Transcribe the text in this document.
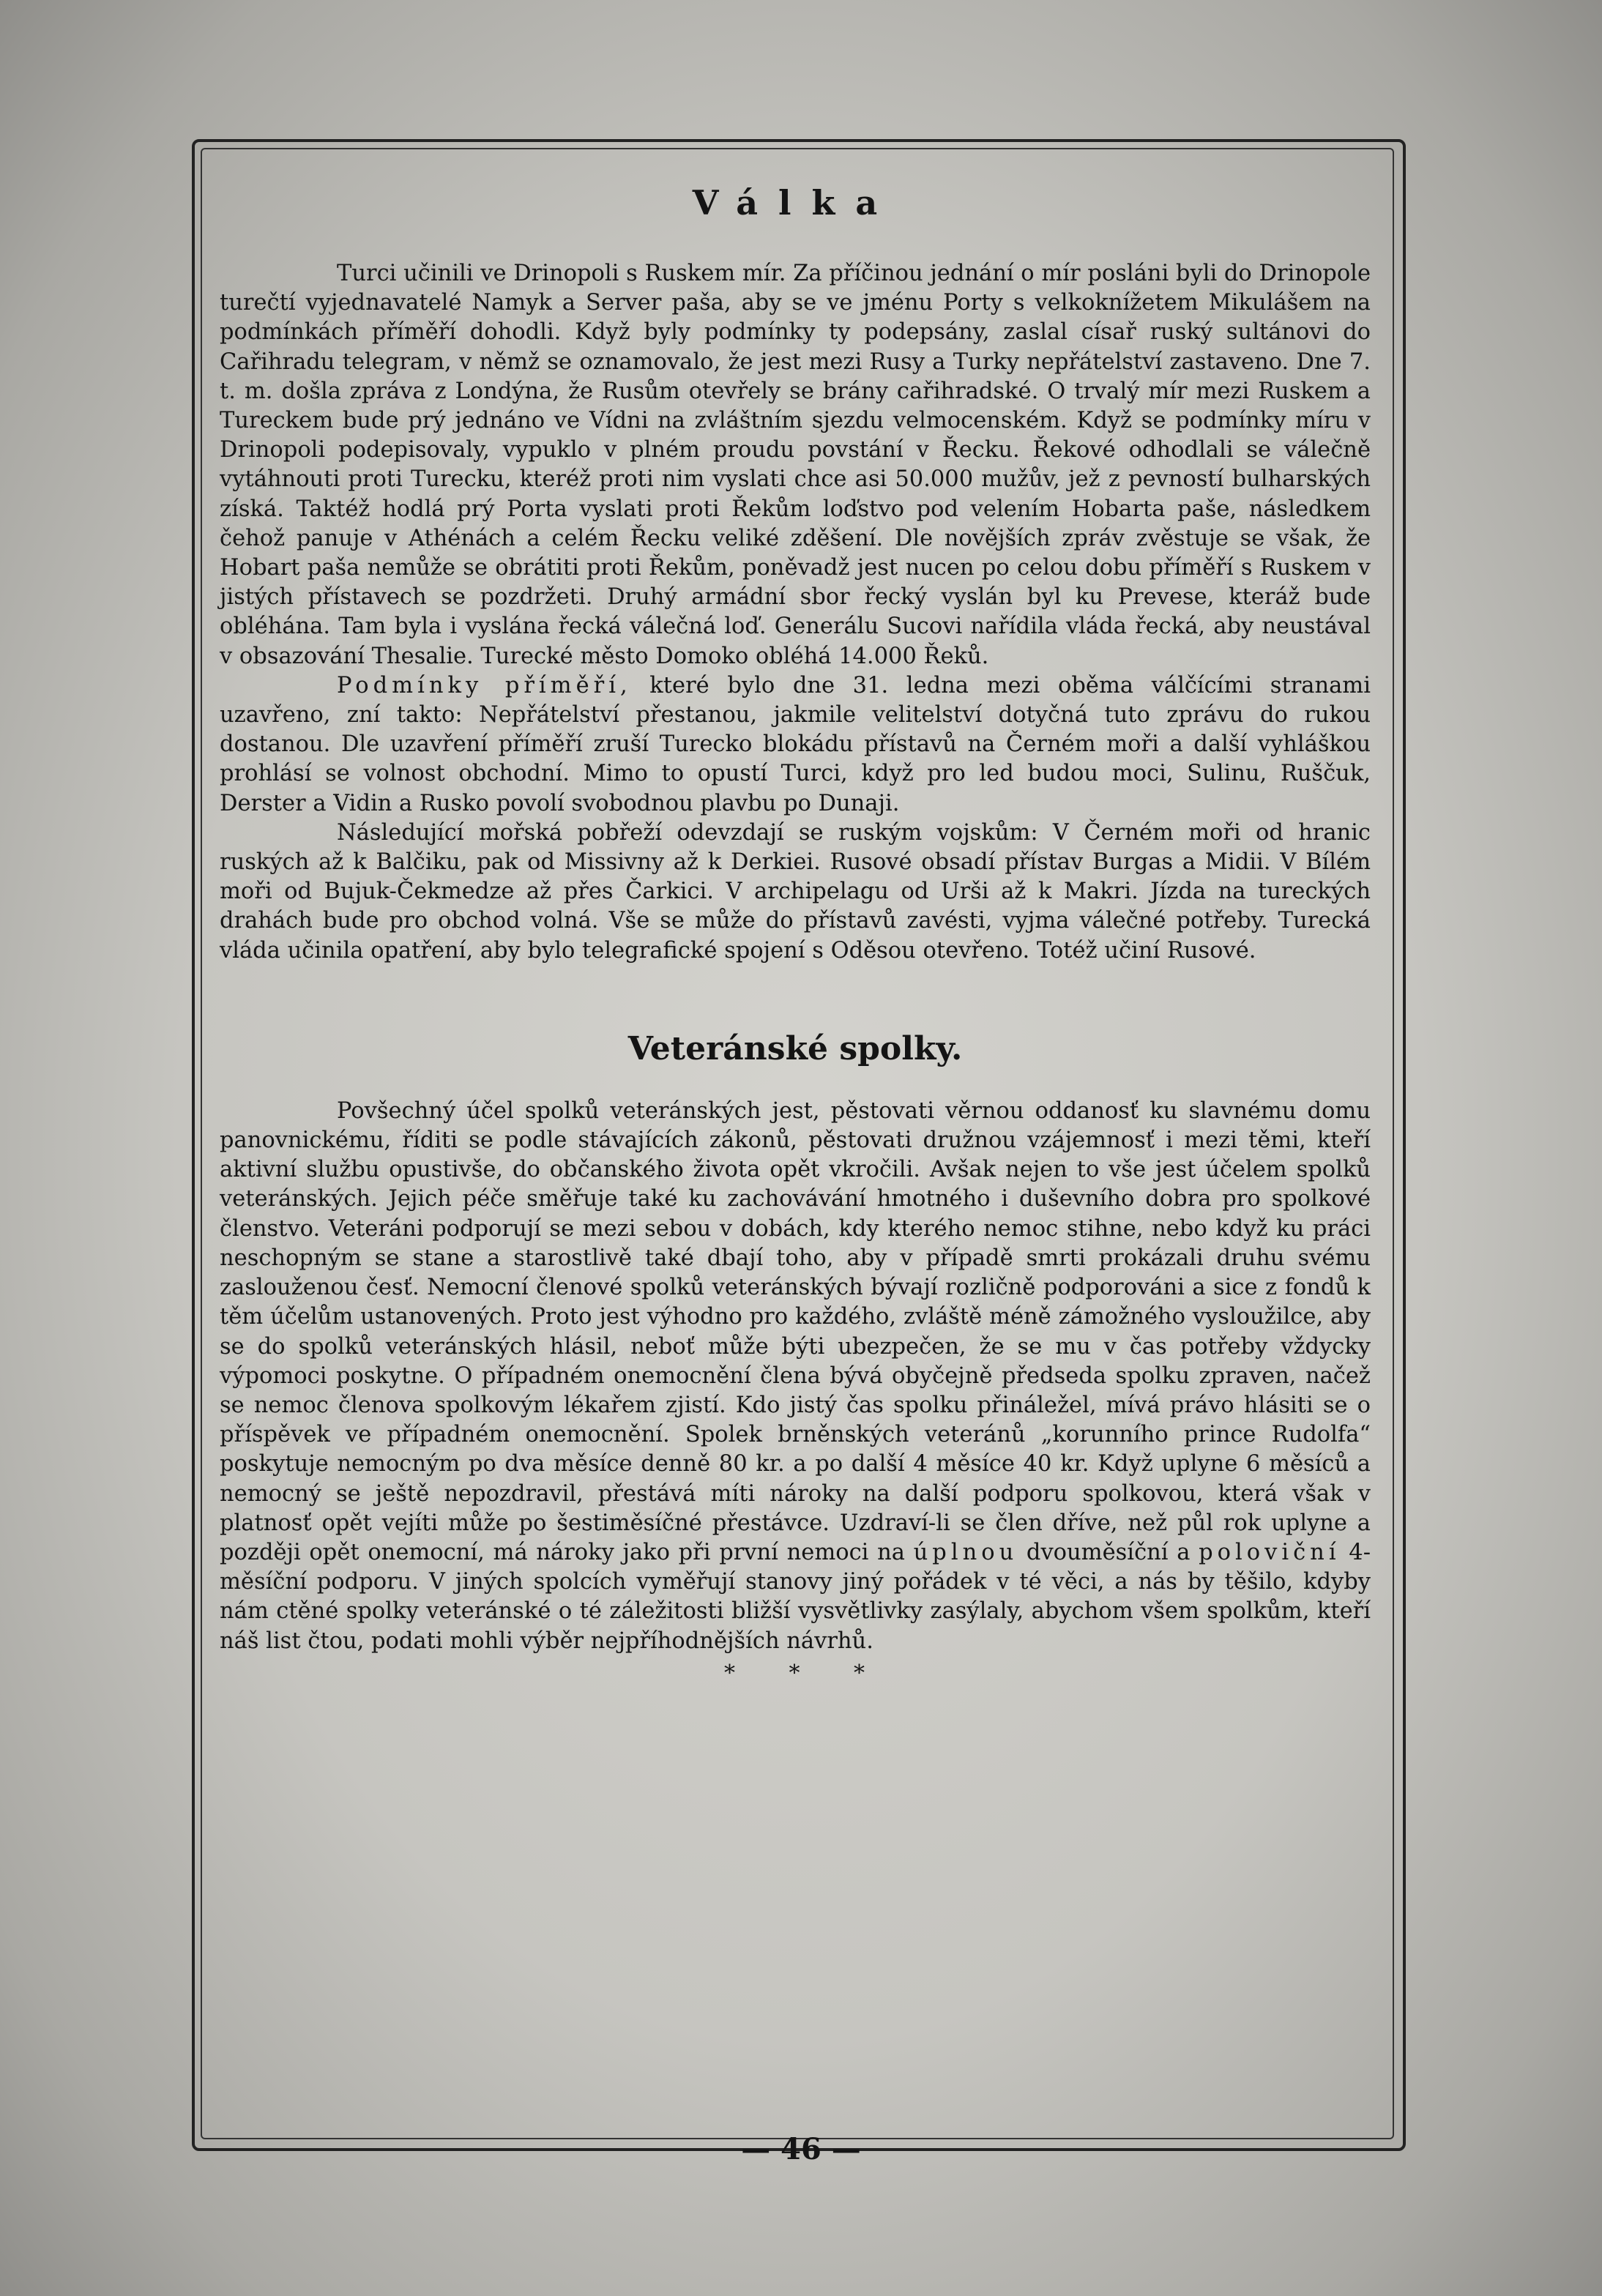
Válka

Turci učinili ve Drinopoli s Ruskem mír. Za příčinou jednání o mír posláni byli do Drinopole turečtí vyjednavatelé Namyk a Server paša, aby se ve jménu Porty s velkoknížetem Mikulášem na podmínkách příměří dohodli. Když byly podmínky ty podepsány, zaslal císař ruský sultánovi do Cařihradu telegram, v němž se oznamovalo, že jest mezi Rusy a Turky nepřátelství zastaveno. Dne 7. t. m. došla zpráva z Londýna, že Rusům otevřely se brány cařihradské. O trvalý mír mezi Ruskem a Tureckem bude prý jednáno ve Vídni na zvláštním sjezdu velmocenském. Když se podmínky míru v Drinopoli podepisovaly, vypuklo v plném proudu povstání v Řecku. Řekové odhodlali se válečně vytáhnouti proti Turecku, kteréž proti nim vyslati chce asi 50.000 mužův, jež z pevností bulharských získá. Taktéž hodlá prý Porta vyslati proti Řekům loďstvo pod velením Hobarta paše, následkem čehož panuje v Athénách a celém Řecku veliké zděšení. Dle novějších zpráv zvěstuje se však, že Hobart paša nemůže se obrátiti proti Řekům, poněvadž jest nucen po celou dobu příměří s Ruskem v jistých přístavech se pozdržeti. Druhý armádní sbor řecký vyslán byl ku Prevese, kteráž bude obléhána. Tam byla i vyslána řecká válečná loď. Generálu Sucovi nařídila vláda řecká, aby neustával v obsazování Thesalie. Turecké město Domoko obléhá 14.000 Řeků.

Podmínky příměří, které bylo dne 31. ledna mezi oběma válčícími stranami uzavřeno, zní takto: Nepřátelství přestanou, jakmile velitelství dotyčná tuto zprávu do rukou dostanou. Dle uzavření příměří zruší Turecko blokádu přístavů na Černém moři a další vyhláškou prohlásí se volnost obchodní. Mimo to opustí Turci, když pro led budou moci, Sulinu, Ruščuk, Derster a Vidin a Rusko povolí svobodnou plavbu po Dunaji.

Následující mořská pobřeží odevzdají se ruským vojskům: V Černém moři od hranic ruských až k Balčiku, pak od Missivny až k Derkiei. Rusové obsadí přístav Burgas a Midii. V Bílém moři od Bujuk-Čekmedze až přes Čarkici. V archipelagu od Urši až k Makri. Jízda na tureckých drahách bude pro obchod volná. Vše se může do přístavů zavésti, vyjma válečné potřeby. Turecká vláda učinila opatření, aby bylo telegrafické spojení s Oděsou otevřeno. Totéž učiní Rusové.

Veteránské spolky.

Povšechný účel spolků veteránských jest, pěstovati věrnou oddanosť ku slavnému domu panovnickému, říditi se podle stávajících zákonů, pěstovati družnou vzájemnosť i mezi těmi, kteří aktivní službu opustivše, do občanského života opět vkročili. Avšak nejen to vše jest účelem spolků veteránských. Jejich péče směřuje také ku zachovávání hmotného i duševního dobra pro spolkové členstvo. Veteráni podporují se mezi sebou v dobách, kdy kterého nemoc stihne, nebo když ku práci neschopným se stane a starostlivě také dbají toho, aby v případě smrti prokázali druhu svému zaslouženou česť. Nemocní členové spolků veteránských bývají rozličně podporováni a sice z fondů k těm účelům ustanovených. Proto jest výhodno pro každého, zvláště méně zámožného vysloužilce, aby se do spolků veteránských hlásil, neboť může býti ubezpečen, že se mu v čas potřeby vždycky výpomoci poskytne. O případném onemocnění člena bývá obyčejně předseda spolku zpraven, načež se nemoc členova spolkovým lékařem zjistí. Kdo jistý čas spolku přináležel, mívá právo hlásiti se o příspěvek ve případném onemocnění. Spolek brněnských veteránů „korunního prince Rudolfa“ poskytuje nemocným po dva měsíce denně 80 kr. a po další 4 měsíce 40 kr. Když uplyne 6 měsíců a nemocný se ještě nepozdravil, přestává míti nároky na další podporu spolkovou, která však v platnosť opět vejíti může po šestiměsíčné přestávce. Uzdraví-li se člen dříve, než půl rok uplyne a později opět onemocní, má nároky jako při první nemoci na úplnou dvouměsíční a poloviční 4-měsíční podporu. V jiných spolcích vyměřují stanovy jiný pořádek v té věci, a nás by těšilo, kdyby nám ctěné spolky veteránské o té záležitosti bližší vysvětlivky zasýlaly, abychom všem spolkům, kteří náš list čtou, podati mohli výběr nejpříhodnějších návrhů.

* * *
— 46 —
